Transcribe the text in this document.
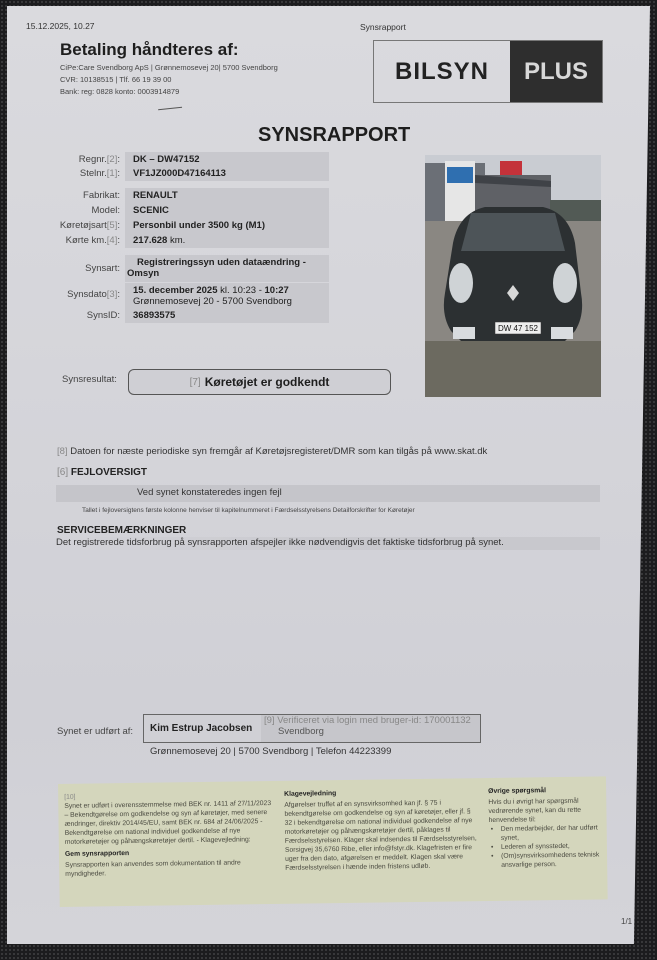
15.12.2025, 10.27	Synsrapport
Betaling håndteres af:
CiPe:Care Svendborg ApS | Grønnemosevej 20| 5700 Svendborg
CVR: 10138515 | Tlf. 66 19 39 00
Bank: reg: 0828 konto: 0003914879
BILSYN	PLUS
SYNSRAPPORT
Regnr.[2]:	DK – DW47152
Stelnr.[1]:	VF1JZ000D47164113
Fabrikat:	RENAULT
Model:	SCENIC
Køretøjsart[5]:	Personbil under 3500 kg (M1)
Kørte km.[4]:	217.628 km.
Synsart:
Registreringssyn uden dataændring -
Omsyn
Synsdato[3]:	15. december 2025 kl. 10:23 - 10:27
Grønnemosevej 20 - 5700 Svendborg
SynsID:	36893575
DW 47 152
Synsresultat:	[7] Køretøjet er godkendt
[8] Datoen for næste periodiske syn fremgår af Køretøjsregisteret/DMR som kan tilgås på www.skat.dk
[6] FEJLOVERSIGT
Ved synet konstateredes ingen fejl
Tallet i fejloversigtens første kolonne henviser til kapitelnummeret i Færdselsstyrelsens Detailforskrifter for Køretøjer
SERVICEBEMÆRKNINGER
Det registrerede tidsforbrug på synsrapporten afspejler ikke nødvendigvis det faktiske tidsforbrug på synet.
Synet er udført af:	Kim Estrup Jacobsen
[9] Verificeret via login med bruger-id: 170001132
Svendborg
Grønnemosevej 20 | 5700 Svendborg | Telefon 44223399
[10]
Synet er udført i overensstemmelse med BEK nr. 1411 af 27/11/2023 – Bekendtgørelse om godkendelse og syn af køretøjer, med senere ændringer, direktiv 2014/45/EU, samt BEK nr. 684 af 24/06/2025 - Bekendtgørelse om national individuel godkendelse af nye motorkøretøjer og påhængskøretøjer dertil. - Klagevejledning:
Gem synsrapporten
Synsrapporten kan anvendes som dokumentation til andre myndigheder.
Klagevejledning
Afgørelser truffet af en synsvirksomhed kan jf. § 75 i bekendtgørelse om godkendelse og syn af køretøjer, eller jf. § 32 i bekendtgørelse om national individuel godkendelse af nye motorkøretøjer og påhængskøretøjer dertil, påklages til Færdselsstyrelsen. Klager skal indsendes til Færdselsstyrelsen, Sorsigvej 35,6760 Ribe, eller info@fstyr.dk. Klagefristen er fire uger fra den dato, afgørelsen er meddelt. Klagen skal være Færdselsstyrelsen i hænde inden fristens udløb.
Øvrige spørgsmål
Hvis du i øvrigt har spørgsmål vedrørende synet, kan du rette henvendelse til:
• Den medarbejder, der har udført synet,
• Lederen af synsstedet,
• (Om)synsvirksomhedens teknisk ansvarlige person.
1/1
